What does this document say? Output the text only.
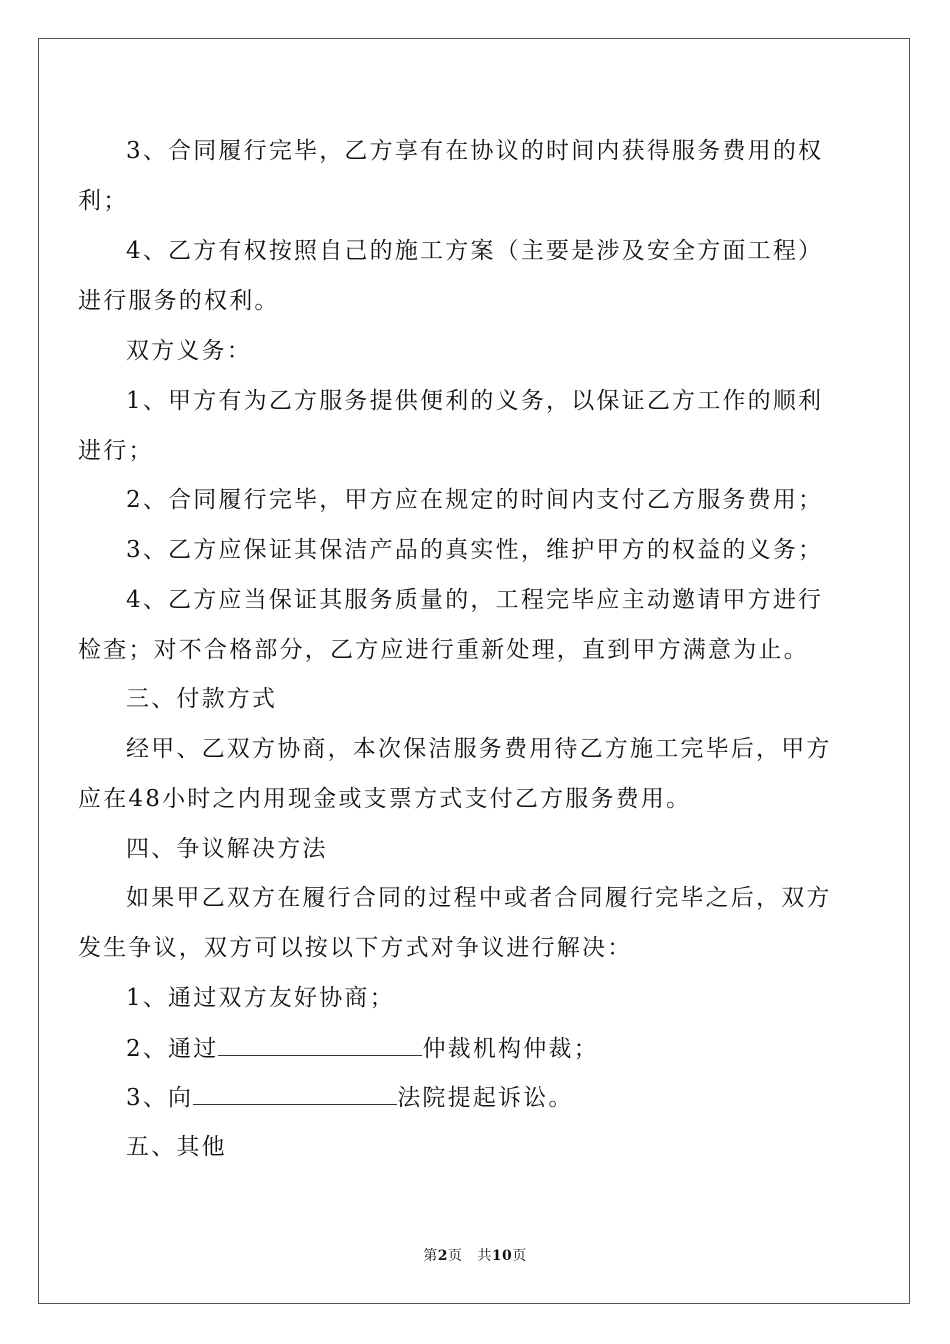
3、合同履行完毕，乙方享有在协议的时间内获得服务费用的权
利；
4、乙方有权按照自己的施工方案（主要是涉及安全方面工程）
进行服务的权利。
双方义务：
1、甲方有为乙方服务提供便利的义务，以保证乙方工作的顺利
进行；
2、合同履行完毕，甲方应在规定的时间内支付乙方服务费用；
3、乙方应保证其保洁产品的真实性，维护甲方的权益的义务；
4、乙方应当保证其服务质量的，工程完毕应主动邀请甲方进行
检查；对不合格部分，乙方应进行重新处理，直到甲方满意为止。
三、付款方式
经甲、乙双方协商，本次保洁服务费用待乙方施工完毕后，甲方
应在48小时之内用现金或支票方式支付乙方服务费用。
四、争议解决方法
如果甲乙双方在履行合同的过程中或者合同履行完毕之后，双方
发生争议，双方可以按以下方式对争议进行解决：
1、通过双方友好协商；
2、通过	仲裁机构仲裁；
3、向	法院提起诉讼。
五、其他
第2页 共10页
